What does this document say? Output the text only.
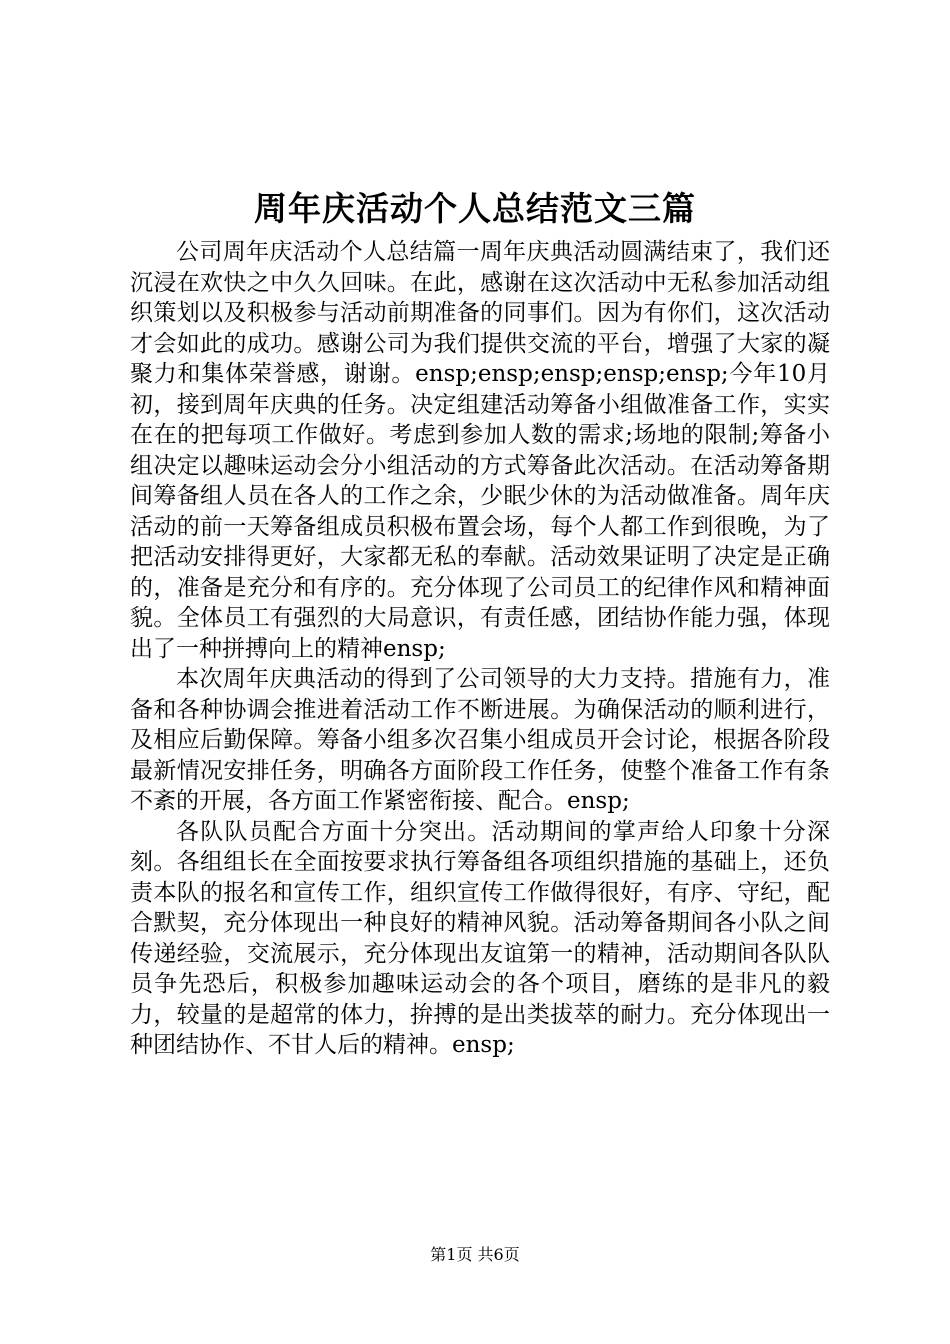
周年庆活动个人总结范文三篇

公司周年庆活动个人总结篇一周年庆典活动圆满结束了，我们还沉浸在欢快之中久久回味。在此，感谢在这次活动中无私参加活动组织策划以及积极参与活动前期准备的同事们。因为有你们，这次活动才会如此的成功。感谢公司为我们提供交流的平台，增强了大家的凝聚力和集体荣誉感，谢谢。ensp;ensp;ensp;ensp;ensp;今年10月初，接到周年庆典的任务。决定组建活动筹备小组做准备工作，实实在在的把每项工作做好。考虑到参加人数的需求;场地的限制;筹备小组决定以趣味运动会分小组活动的方式筹备此次活动。在活动筹备期间筹备组人员在各人的工作之余，少眠少休的为活动做准备。周年庆活动的前一天筹备组成员积极布置会场，每个人都工作到很晚，为了把活动安排得更好，大家都无私的奉献。活动效果证明了决定是正确的，准备是充分和有序的。充分体现了公司员工的纪律作风和精神面貌。全体员工有强烈的大局意识，有责任感，团结协作能力强，体现出了一种拼搏向上的精神ensp;

本次周年庆典活动的得到了公司领导的大力支持。措施有力，准备和各种协调会推进着活动工作不断进展。为确保活动的顺利进行，及相应后勤保障。筹备小组多次召集小组成员开会讨论，根据各阶段最新情况安排任务，明确各方面阶段工作任务，使整个准备工作有条不紊的开展，各方面工作紧密衔接、配合。ensp;

各队队员配合方面十分突出。活动期间的掌声给人印象十分深刻。各组组长在全面按要求执行筹备组各项组织措施的基础上，还负责本队的报名和宣传工作，组织宣传工作做得很好，有序、守纪，配合默契，充分体现出一种良好的精神风貌。活动筹备期间各小队之间传递经验，交流展示，充分体现出友谊第一的精神，活动期间各队队员争先恐后，积极参加趣味运动会的各个项目，磨练的是非凡的毅力，较量的是超常的体力，拚搏的是出类拔萃的耐力。充分体现出一种团结协作、不甘人后的精神。ensp;

第1页 共6页
